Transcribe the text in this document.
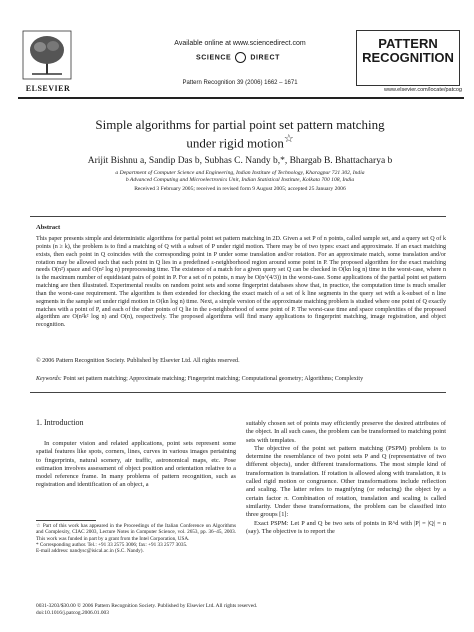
ELSEVIER
Available online at www.sciencedirect.com
SCIENCE	DIRECT
Pattern Recognition 39 (2006) 1662 – 1671
PATTERN
RECOGNITION
www.elsevier.com/locate/patcog
Simple algorithms for partial point set pattern matching
under rigid motion☆
Arijit Bishnu a, Sandip Das b, Subhas C. Nandy b,*, Bhargab B. Bhattacharya b
a Department of Computer Science and Engineering, Indian Institute of Technology, Kharagpur 721 302, India
b Advanced Computing and Microelectronics Unit, Indian Statistical Institute, Kolkata 700 108, India
Received 3 February 2005; received in revised form 9 August 2005; accepted 25 January 2006
Abstract
This paper presents simple and deterministic algorithms for partial point set pattern matching in 2D. Given a set P of n points, called sample set, and a query set Q of k points (n ≥ k), the problem is to find a matching of Q with a subset of P under rigid motion. There may be of two types: exact and approximate. If an exact matching exists, then each point in Q coincides with the corresponding point in P under some translation and/or rotation. For an approximate match, some translation and/or rotation may be allowed such that each point in Q lies in a predefined ε-neighborhood region around some point in P. The proposed algorithm for the exact matching needs O(n²) space and O(n² log n) preprocessing time. The existence of a match for a given query set Q can be checked in O(kn log n) time in the worst-case, where n is the maximum number of equidistant pairs of point in P. For a set of n points, n may be O(n^(4/3)) in the worst-case. Some applications of the partial point set pattern matching are then illustrated. Experimental results on random point sets and some fingerprint databases show that, in practice, the computation time is much smaller than the worst-case requirement. The algorithm is then extended for checking the exact match of a set of k line segments in the query set with a k-subset of n line segments in the sample set under rigid motion in O(kn log n) time. Next, a simple version of the approximate matching problem is studied where one point of Q exactly matches with a point of P, and each of the other points of Q lie in the ε-neighborhood of some point of P. The worst-case time and space complexities of the proposed algorithm are O(n²k² log n) and O(n), respectively. The proposed algorithms will find many applications to fingerprint matching, image registration, and object recognition.
© 2006 Pattern Recognition Society. Published by Elsevier Ltd. All rights reserved.
Keywords: Point set pattern matching; Approximate matching; Fingerprint matching; Computational geometry; Algorithms; Complexity
1. Introduction

In computer vision and related applications, point sets represent some spatial features like spots, corners, lines, curves in various images pertaining to fingerprints, natural scenery, air traffic, astronomical maps, etc. Pose estimation involves assessment of object position and orientation relative to a model reference frame. In many problems of pattern recognition, such as registration and identification of an object, a

suitably chosen set of points may efficiently preserve the desired attributes of the object. In all such cases, the problem can be transformed to matching point sets with templates.

The objective of the point set pattern matching (PSPM) problem is to determine the resemblance of two point sets P and Q (representative of two different objects), under different transformations. The most simple kind of transformation is translation. If rotation is allowed along with translation, it is called rigid motion or congruence. Other transformations include reflection and scaling. The latter refers to magnifying (or reducing) the object by a certain factor π. Combination of rotation, translation and scaling is called similarity. Under these transformations, the problem can be classified into three groups [1]:

Exact PSPM: Let P and Q be two sets of points in R^d with |P| = |Q| = n (say). The objective is to report the

☆ Part of this work has appeared in the Proceedings of the Italian Conference on Algorithms and Complexity, CIAC 2003, Lecture Notes in Computer Science, vol. 2653, pp. 36–45, 2003. This work was funded in part by a grant from the Intel Corporation, USA.

* Corresponding author. Tel.: +91 33 2575 3006; fax: +91 33 2577 3035.

E-mail address: nandysc@isical.ac.in (S.C. Nandy).

0031-3203/$30.00 © 2006 Pattern Recognition Society. Published by Elsevier Ltd. All rights reserved.
doi:10.1016/j.patcog.2006.01.003
